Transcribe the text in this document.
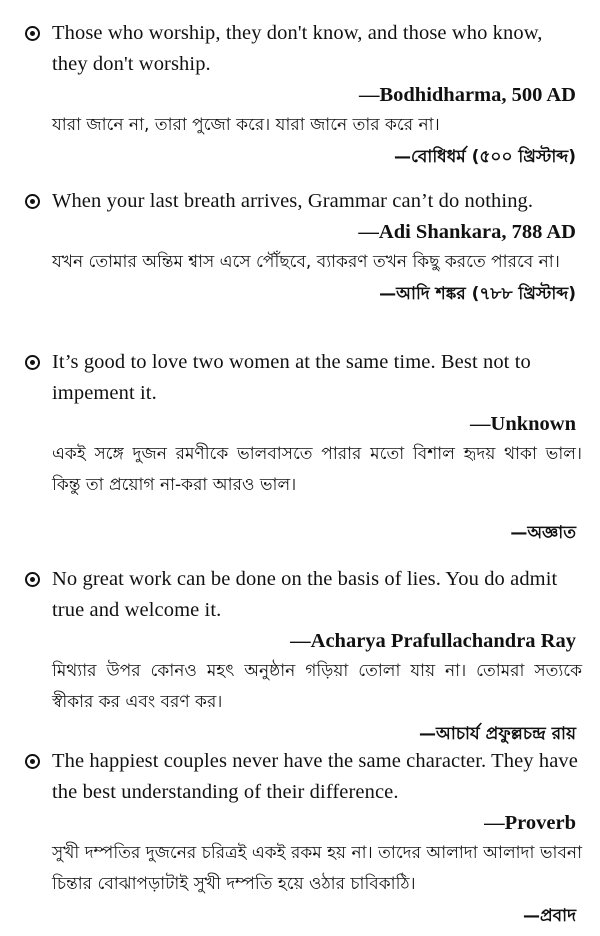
Those who worship, they don't know, and those who know, they don't worship.
—Bodhidharma, 500 AD
যারা জানে না, তারা পুজো করে। যারা জানে তার করে না।
—বোধিধর্ম (৫০০ খ্রিস্টাব্দ)
When your last breath arrives, Grammar can’t do nothing.
—Adi Shankara, 788 AD
যখন তোমার অন্তিম শ্বাস এসে পৌঁছবে, ব্যাকরণ তখন কিছু করতে পারবে না।
—আদি শঙ্কর (৭৮৮ খ্রিস্টাব্দ)
It’s good to love two women at the same time. Best not to impement it.
—Unknown
একই সঙ্গে দুজন রমণীকে ভালবাসতে পারার মতো বিশাল হৃদয় থাকা ভাল। কিন্তু তা প্রয়োগ না-করা আরও ভাল।
—অজ্ঞাত
No great work can be done on the basis of lies. You do admit true and welcome it.
—Acharya Prafullachandra Ray
মিথ্যার উপর কোনও মহৎ অনুষ্ঠান গড়িয়া তোলা যায় না। তোমরা সত্যকে স্বীকার কর এবং বরণ কর।
—আচার্য প্রফুল্লচন্দ্র রায়
The happiest couples never have the same character. They have the best understanding of their difference.
—Proverb
সুখী দম্পতির দুজনের চরিত্রই একই রকম হয় না। তাদের আলাদা আলাদা ভাবনা চিন্তার বোঝাপড়াটাই সুখী দম্পতি হয়ে ওঠার চাবিকাঠি।
—প্রবাদ
